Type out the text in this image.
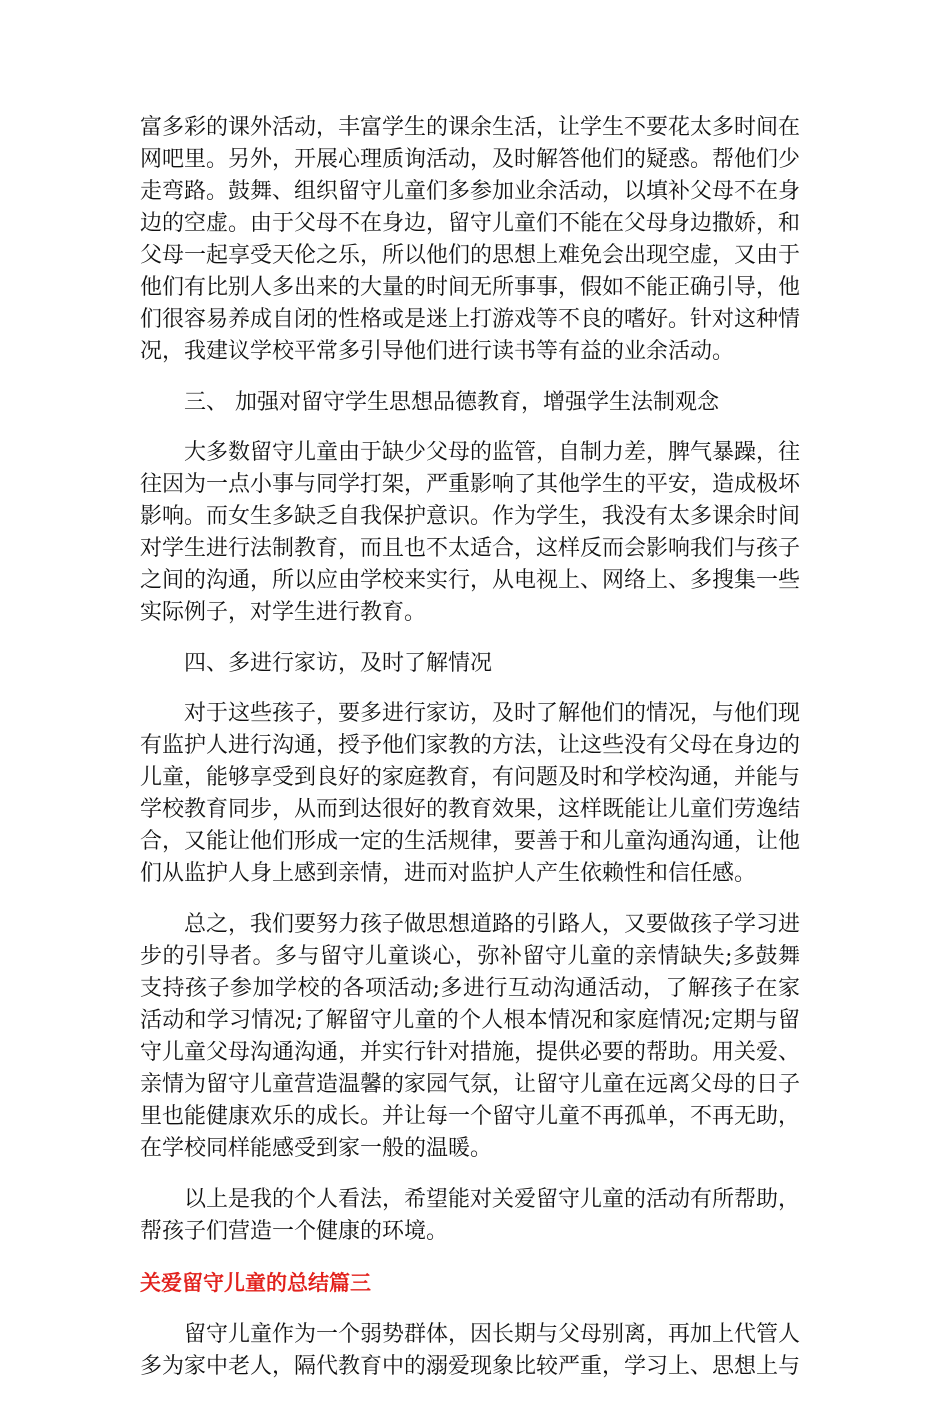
富多彩的课外活动，丰富学生的课余生活，让学生不要花太多时间在网吧里。另外，开展心理质询活动，及时解答他们的疑惑。帮他们少走弯路。鼓舞、组织留守儿童们多参加业余活动，以填补父母不在身边的空虚。由于父母不在身边，留守儿童们不能在父母身边撒娇，和父母一起享受天伦之乐，所以他们的思想上难免会出现空虚，又由于他们有比别人多出来的大量的时间无所事事，假如不能正确引导，他们很容易养成自闭的性格或是迷上打游戏等不良的嗜好。针对这种情况，我建议学校平常多引导他们进行读书等有益的业余活动。

三、 加强对留守学生思想品德教育，增强学生法制观念

大多数留守儿童由于缺少父母的监管，自制力差，脾气暴躁，往往因为一点小事与同学打架，严重影响了其他学生的平安，造成极坏影响。而女生多缺乏自我保护意识。作为学生，我没有太多课余时间对学生进行法制教育，而且也不太适合，这样反而会影响我们与孩子之间的沟通，所以应由学校来实行，从电视上、网络上、多搜集一些实际例子，对学生进行教育。

四、多进行家访，及时了解情况

对于这些孩子，要多进行家访，及时了解他们的情况，与他们现有监护人进行沟通，授予他们家教的方法，让这些没有父母在身边的儿童，能够享受到良好的家庭教育，有问题及时和学校沟通，并能与学校教育同步，从而到达很好的教育效果，这样既能让儿童们劳逸结合，又能让他们形成一定的生活规律，要善于和儿童沟通沟通，让他们从监护人身上感到亲情，进而对监护人产生依赖性和信任感。

总之，我们要努力孩子做思想道路的引路人，又要做孩子学习进步的引导者。多与留守儿童谈心，弥补留守儿童的亲情缺失;多鼓舞支持孩子参加学校的各项活动;多进行互动沟通活动，了解孩子在家活动和学习情况;了解留守儿童的个人根本情况和家庭情况;定期与留守儿童父母沟通沟通，并实行针对措施，提供必要的帮助。用关爱、亲情为留守儿童营造温馨的家园气氛，让留守儿童在远离父母的日子里也能健康欢乐的成长。并让每一个留守儿童不再孤单，不再无助，在学校同样能感受到家一般的温暖。

以上是我的个人看法，希望能对关爱留守儿童的活动有所帮助，帮孩子们营造一个健康的环境。

关爱留守儿童的总结篇三

留守儿童作为一个弱势群体，因长期与父母别离，再加上代管人多为家中老人，隔代教育中的溺爱现象比较严重，学习上、思想上与
